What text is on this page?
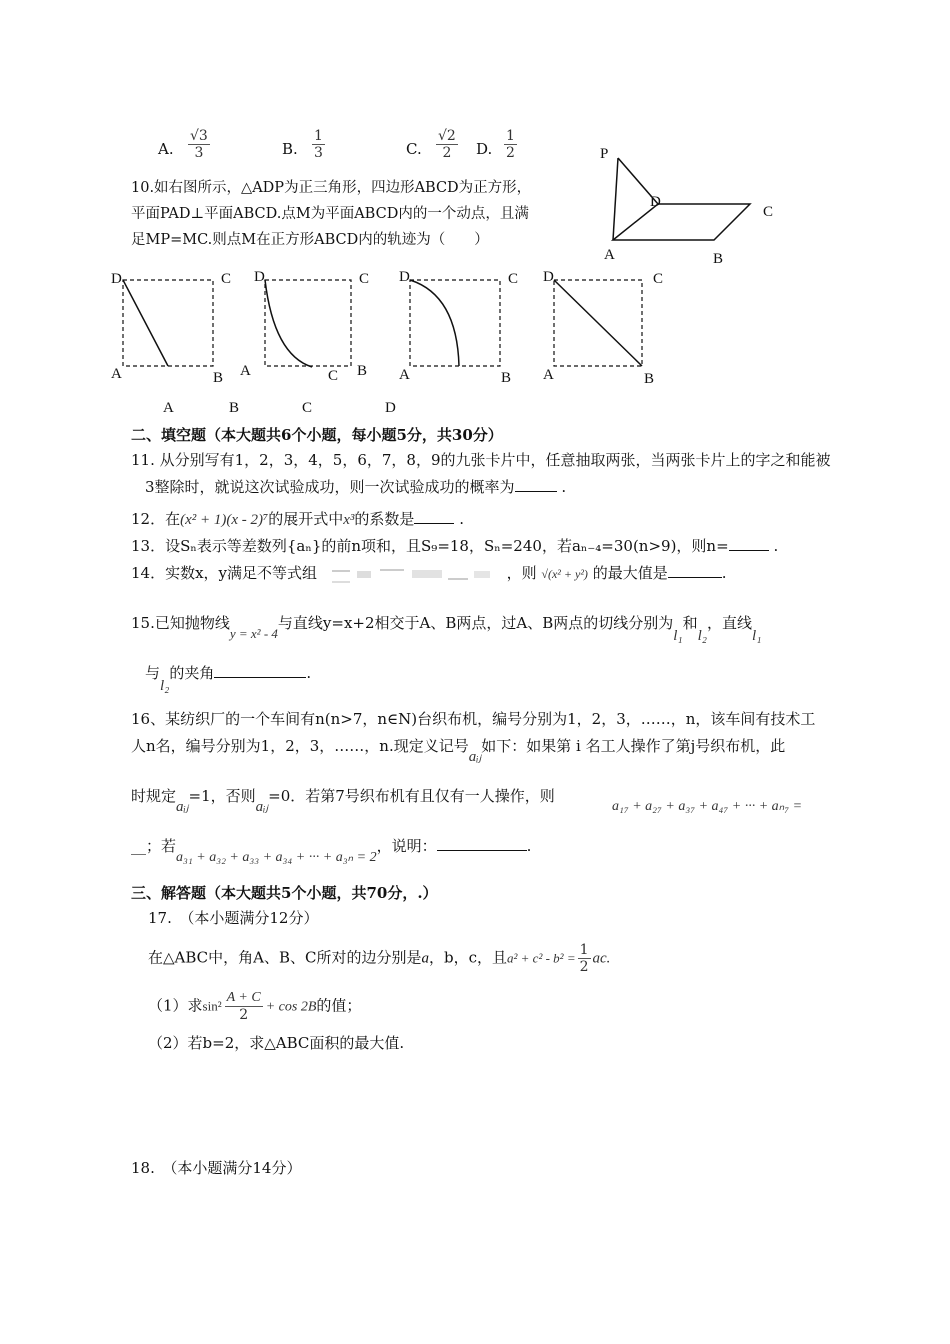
A. $\frac{√3}{3}$	B. $\frac{1}{3}$	C. $\frac{√2}{2} D$. $\frac{1}{2}$
10.如右图所示，△ADP为正三角形，四边形ABCD为正方形，
平面PAD⊥平面ABCD.点M为平面ABCD内的一个动点，且满
足MP=MC.则点M在正方形ABCD内的轨迹为（　　）
P
D
C
A	B
D	C
A	B
D	C
A	B
C
D	C
A	B
D	C
A	B
A	B	C	D
二、填空题（本大题共6个小题，每小题5分，共30分）
11. 从分别写有1，2，3，4，5，6，7，8，9的九张卡片中，任意抽取两张，当两张卡片上的字之和能被
3整除时，就说这次试验成功，则一次试验成功的概率为	.
12．在(x² + 1)(x - 2)⁷的展开式中x³的系数是	.
13．设Sₙ表示等差数列{aₙ}的前n项和，且S₉=18，Sₙ=240，若aₙ₋₄=30(n>9)，则n=	.
14．实数x，y满足不等式组	，则 √(x² + y²) 的最大值是	.
15.已知抛物线y = x² - 4与直线y=x+2相交于A、B两点，过A、B两点的切线分别为l₁和l₂，直线l₁
与l₂的夹角	.
16、某纺织厂的一个车间有n(n>7，n∈N)台织布机，编号分别为1，2，3，……，n，该车间有技术工
人n名，编号分别为1，2，3，……，n.现定义记号aᵢⱼ如下：如果第 i 名工人操作了第j号织布机，此
时规定aᵢⱼ=1，否则aᵢⱼ=0．若第7号织布机有且仅有一人操作，则
a₁₇ + a₂₇ + a₃₇ + a₄₇ + ··· + aₙ₇ =
__；若a₃₁ + a₃₂ + a₃₃ + a₃₄ + ··· + a₃ₙ = 2，说明：	.
三、解答题（本大题共5个小题，共70分，.）
17.　（本小题满分12分）
在△ABC中，角A、B、C所对的边分别是a，b，c，且$a^2 + c^2 - b^2 = \frac{1}{2}$ ac.
（1）求$\sin^2 \frac{A + C}{2} + \cos 2B$的值；
（2）若b=2，求△ABC面积的最大值.
18.　（本小题满分14分）
